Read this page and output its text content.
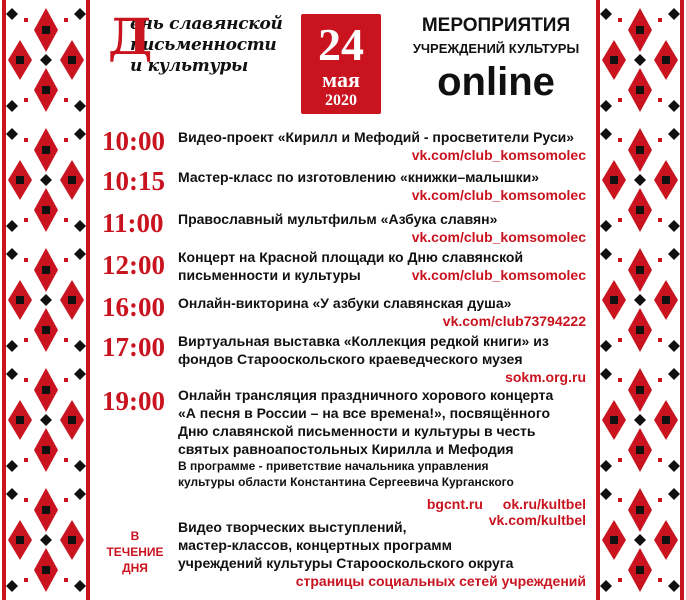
Д
ень славянской
письменности
и культуры	24
мая
2020
МЕРОПРИЯТИЯ
УЧРЕЖДЕНИЙ КУЛЬТУРЫ
online
10:00 Видео-проект «Кирилл и Мефодий - просветители Руси»
vk.com/club_komsomolec
10:15 Мастер-класс по изготовлению «книжки–малышки»
vk.com/club_komsomolec
11:00 Православный мультфильм «Азбука славян»
vk.com/club_komsomolec
12:00 Концерт на Красной площади ко Дню славянской
письменности и культуры	vk.com/club_komsomolec
16:00 Онлайн-викторина «У азбуки славянская душа»
vk.com/club73794222
17:00 Виртуальная выставка «Коллекция редкой книги» из
фондов Старооскольского краеведческого музея
sokm.org.ru
19:00 Онлайн трансляция праздничного хорового концерта
«А песня в России – на все времена!», посвящённого
Дню славянской письменности и культуры в честь
святых равноапостольных Кирилла и Мефодия
В программе - приветствие начальника управления
культуры области Константина Сергеевича Курганского
bgcnt.ru ok.ru/kultbel vk.com/kultbel
В ТЕЧЕНИЕ
ДНЯ
Видео творческих выступлений,
мастер-классов, концертных программ
учреждений культуры Старооскольского округа
страницы социальных сетей учреждений
